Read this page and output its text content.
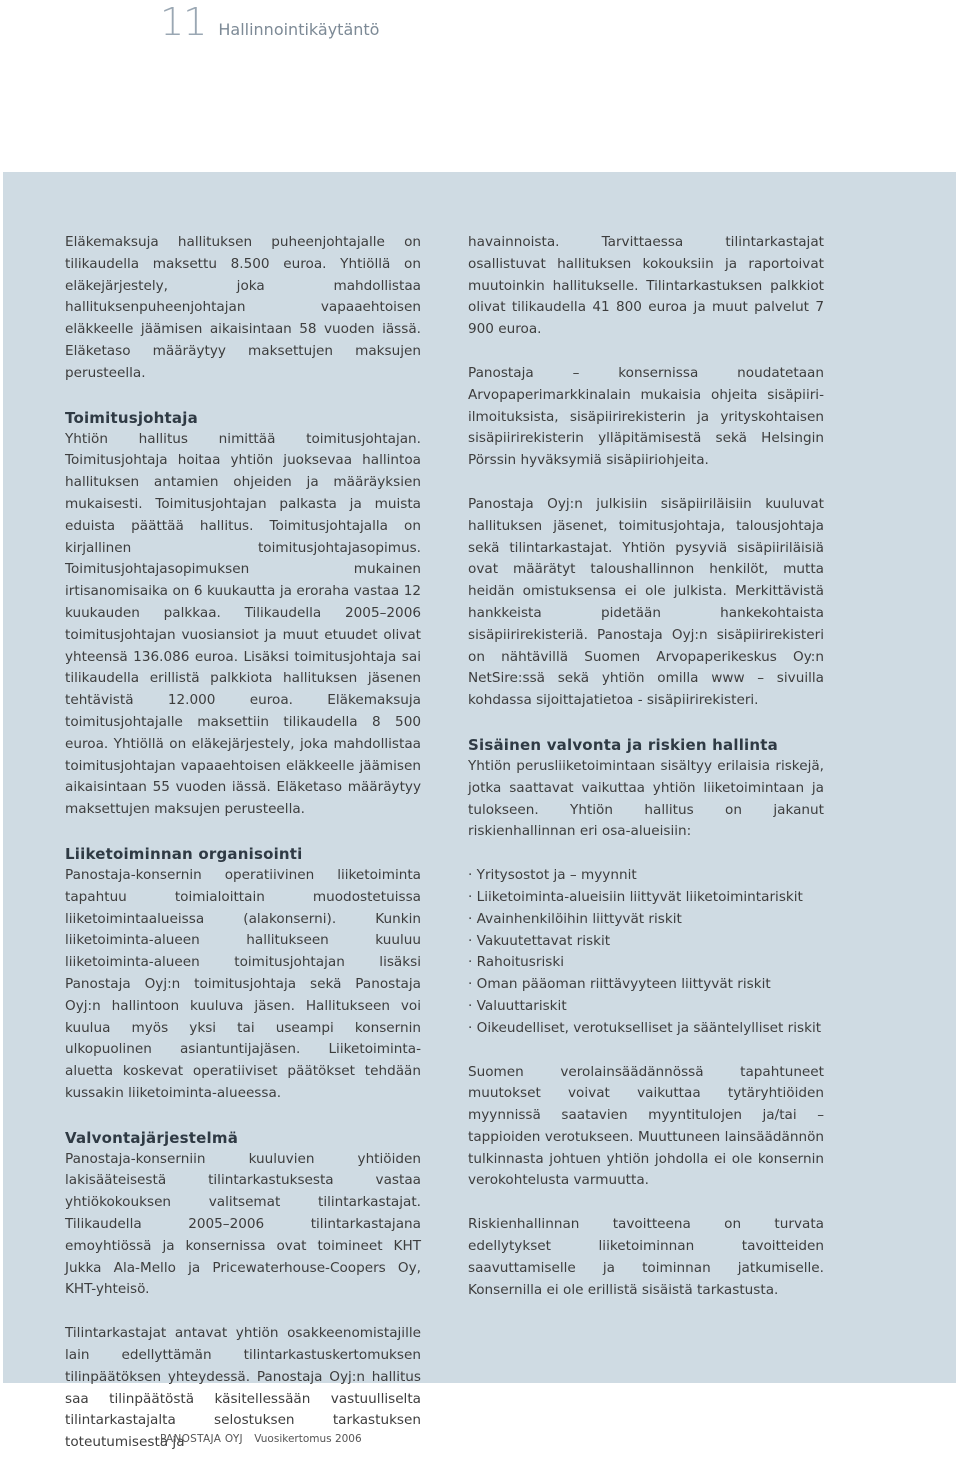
11 Hallinnointikäytäntö

Eläkemaksuja hallituksen puheenjohtajalle on tilikaudella maksettu 8.500 euroa. Yhtiöllä on eläkejärjestely, joka mahdollistaa hallituksenpuheenjohtajan vapaaehtoisen eläkkeelle jäämisen aikaisintaan 58 vuoden iässä. Eläketaso määräytyy maksettujen maksujen perusteella.

Toimitusjohtaja

Yhtiön hallitus nimittää toimitusjohtajan. Toimitusjohtaja hoitaa yhtiön juoksevaa hallintoa hallituksen antamien ohjeiden ja määräyksien mukaisesti. Toimitusjohtajan palkasta ja muista eduista päättää hallitus. Toimitusjohtajalla on kirjallinen toimitusjohtajasopimus. Toimitusjohtajasopimuksen mukainen irtisanomisaika on 6 kuukautta ja eroraha vastaa 12 kuukauden palkkaa. Tilikaudella 2005–2006 toimitusjohtajan vuosiansiot ja muut etuudet olivat yhteensä 136.086 euroa. Lisäksi toimitusjohtaja sai tilikaudella erillistä palkkiota hallituksen jäsenen tehtävistä 12.000 euroa. Eläkemaksuja toimitusjohtajalle maksettiin tilikaudella 8 500 euroa. Yhtiöllä on eläkejärjestely, joka mahdollistaa toimitusjohtajan vapaaehtoisen eläkkeelle jäämisen aikaisintaan 55 vuoden iässä. Eläketaso määräytyy maksettujen maksujen perusteella.

Liiketoiminnan organisointi

Panostaja-konsernin operatiivinen liiketoiminta tapahtuu toimialoittain muodostetuissa liiketoimintaalueissa (alakonserni). Kunkin liiketoiminta-alueen hallitukseen kuuluu liiketoiminta-alueen toimitusjohtajan lisäksi Panostaja Oyj:n toimitusjohtaja sekä Panostaja Oyj:n hallintoon kuuluva jäsen. Hallitukseen voi kuulua myös yksi tai useampi konsernin ulkopuolinen asiantuntijajäsen. Liiketoiminta-aluetta koskevat operatiiviset päätökset tehdään kussakin liiketoiminta-alueessa.

Valvontajärjestelmä

Panostaja-konserniin kuuluvien yhtiöiden lakisääteisestä tilintarkastuksesta vastaa yhtiökokouksen valitsemat tilintarkastajat. Tilikaudella 2005–2006 tilintarkastajana emoyhtiössä ja konsernissa ovat toimineet KHT Jukka Ala-Mello ja Pricewaterhouse-Coopers Oy, KHT-yhteisö.

Tilintarkastajat antavat yhtiön osakkeenomistajille lain edellyttämän tilintarkastuskertomuksen tilinpäätöksen yhteydessä. Panostaja Oyj:n hallitus saa tilinpäätöstä käsitellessään vastuulliselta tilintarkastajalta selostuksen tarkastuksen toteutumisesta ja

havainnoista. Tarvittaessa tilintarkastajat osallistuvat hallituksen kokouksiin ja raportoivat muutoinkin hallitukselle. Tilintarkastuksen palkkiot olivat tilikaudella 41 800 euroa ja muut palvelut 7 900 euroa.

Panostaja – konsernissa noudatetaan Arvopaperimarkkinalain mukaisia ohjeita sisäpiiri-ilmoituksista, sisäpiirirekisterin ja yrityskohtaisen sisäpiirirekisterin ylläpitämisestä sekä Helsingin Pörssin hyväksymiä sisäpiiriohjeita.

Panostaja Oyj:n julkisiin sisäpiiriläisiin kuuluvat hallituksen jäsenet, toimitusjohtaja, talousjohtaja sekä tilintarkastajat. Yhtiön pysyviä sisäpiiriläisiä ovat määrätyt taloushallinnon henkilöt, mutta heidän omistuksensa ei ole julkista. Merkittävistä hankkeista pidetään hankekohtaista sisäpiirirekisteriä. Panostaja Oyj:n sisäpiirirekisteri on nähtävillä Suomen Arvopaperikeskus Oy:n NetSire:ssä sekä yhtiön omilla www – sivuilla kohdassa sijoittajatietoa - sisäpiirirekisteri.

Sisäinen valvonta ja riskien hallinta

Yhtiön perusliiketoimintaan sisältyy erilaisia riskejä, jotka saattavat vaikuttaa yhtiön liiketoimintaan ja tulokseen. Yhtiön hallitus on jakanut riskienhallinnan eri osa-alueisiin:

· Yritysostot ja – myynnit
· Liiketoiminta-alueisiin liittyvät liiketoimintariskit
· Avainhenkilöihin liittyvät riskit
· Vakuutettavat riskit
· Rahoitusriski
· Oman pääoman riittävyyteen liittyvät riskit
· Valuuttariskit
· Oikeudelliset, verotukselliset ja sääntelylliset riskit

Suomen verolainsäädännössä tapahtuneet muutokset voivat vaikuttaa tytäryhtiöiden myynnissä saatavien myyntitulojen ja/tai – tappioiden verotukseen. Muuttuneen lainsäädännön tulkinnasta johtuen yhtiön johdolla ei ole konsernin verokohtelusta varmuutta.

Riskienhallinnan tavoitteena on turvata edellytykset liiketoiminnan tavoitteiden saavuttamiselle ja toiminnan jatkumiselle. Konsernilla ei ole erillistä sisäistä tarkastusta.

PANOSTAJA OYJ Vuosikertomus 2006
